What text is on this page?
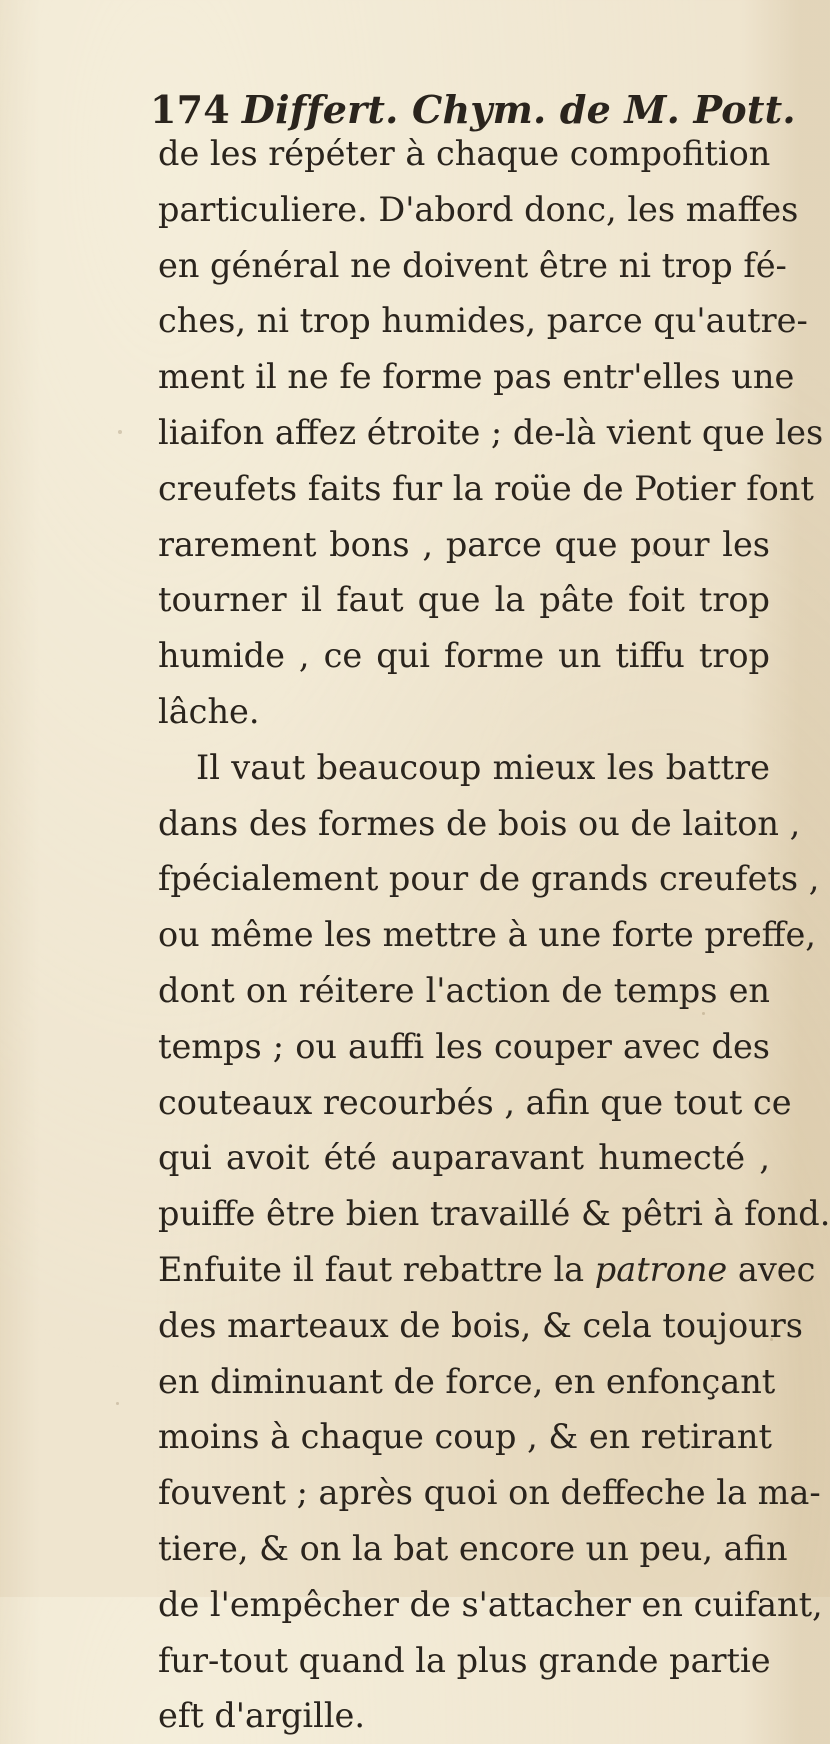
174 Differt. Chym. de M. Pott.
de les répéter à chaque compofition
particuliere. D'abord donc, les maffes
en général ne doivent être ni trop fé-
ches, ni trop humides, parce qu'autre-
ment il ne fe forme pas entr'elles une
liaifon affez étroite ; de-là vient que les
creufets faits fur la roüe de Potier font
rarement bons , parce que pour les
tourner il faut que la pâte foit trop
humide , ce qui forme un tiffu trop
lâche.
Il vaut beaucoup mieux les battre
dans des formes de bois ou de laiton ,
fpécialement pour de grands creufets ,
ou même les mettre à une forte preffe,
dont on réitere l'action de temps en
temps ; ou auffi les couper avec des
couteaux recourbés , afin que tout ce
qui avoit été auparavant humecté ,
puiffe être bien travaillé & pêtri à fond.
Enfuite il faut rebattre la patrone avec
des marteaux de bois, & cela toujours
en diminuant de force, en enfonçant
moins à chaque coup , & en retirant
fouvent ; après quoi on deffeche la ma-
tiere, & on la bat encore un peu, afin
de l'empêcher de s'attacher en cuifant,
fur-tout quand la plus grande partie
eft d'argille.
